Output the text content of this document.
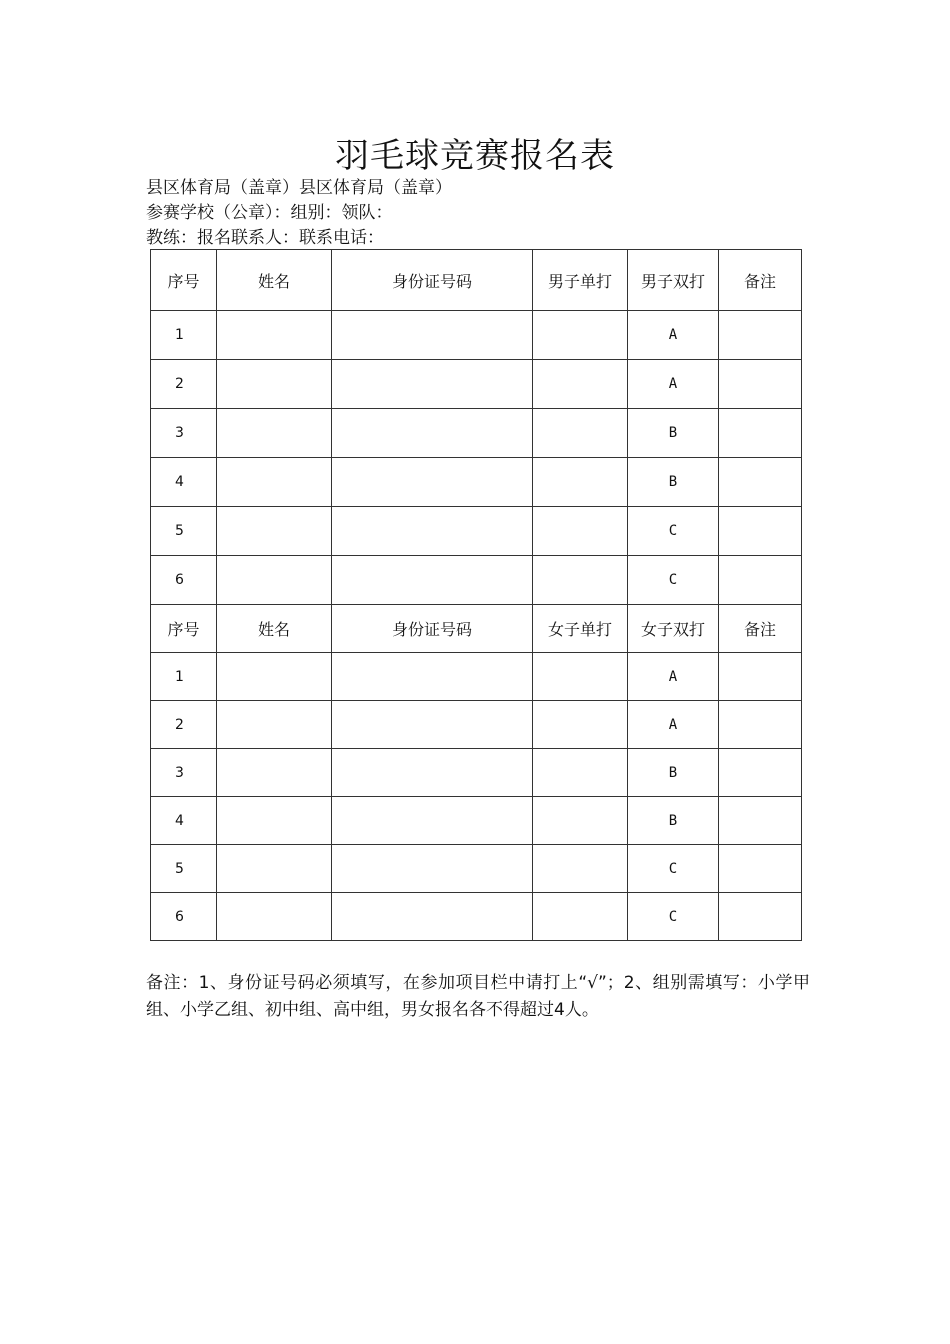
羽毛球竞赛报名表
县区体育局（盖章）县区体育局（盖章）
参赛学校（公章）：组别：领队：
教练：报名联系人：联系电话：
序号	姓名	身份证号码	男子单打	男子双打	备注
1				A	
2				A	
3				B	
4				B	
5				C	
6				C	
序号	姓名	身份证号码	女子单打	女子双打	备注
1				A	
2				A	
3				B	
4				B	
5				C	
6				C	
备注：1、身份证号码必须填写，在参加项目栏中请打上“√”；2、组别需填写：小学甲组、小学乙组、初中组、高中组，男女报名各不得超过4人。
